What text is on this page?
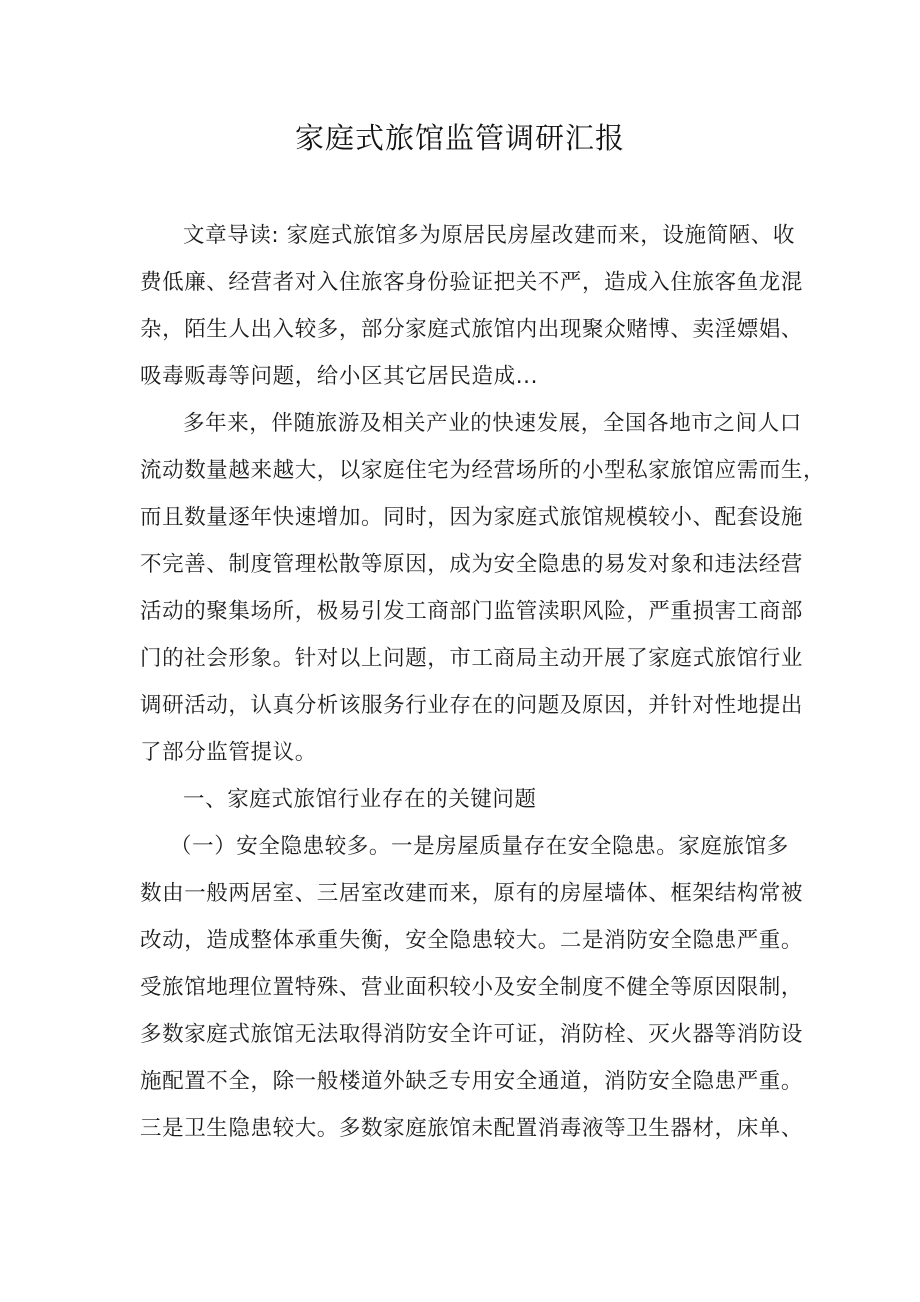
家庭式旅馆监管调研汇报
文章导读: 家庭式旅馆多为原居民房屋改建而来，设施简陋、收
费低廉、经营者对入住旅客身份验证把关不严，造成入住旅客鱼龙混
杂，陌生人出入较多，部分家庭式旅馆内出现聚众赌博、卖淫嫖娼、
吸毒贩毒等问题，给小区其它居民造成...
多年来，伴随旅游及相关产业的快速发展，全国各地市之间人口
流动数量越来越大，以家庭住宅为经营场所的小型私家旅馆应需而生，
而且数量逐年快速增加。同时，因为家庭式旅馆规模较小、配套设施
不完善、制度管理松散等原因，成为安全隐患的易发对象和违法经营
活动的聚集场所，极易引发工商部门监管渎职风险，严重损害工商部
门的社会形象。针对以上问题，市工商局主动开展了家庭式旅馆行业
调研活动，认真分析该服务行业存在的问题及原因，并针对性地提出
了部分监管提议。
一、家庭式旅馆行业存在的关键问题
（一）安全隐患较多。一是房屋质量存在安全隐患。家庭旅馆多
数由一般两居室、三居室改建而来，原有的房屋墙体、框架结构常被
改动，造成整体承重失衡，安全隐患较大。二是消防安全隐患严重。
受旅馆地理位置特殊、营业面积较小及安全制度不健全等原因限制，
多数家庭式旅馆无法取得消防安全许可证，消防栓、灭火器等消防设
施配置不全，除一般楼道外缺乏专用安全通道，消防安全隐患严重。
三是卫生隐患较大。多数家庭旅馆未配置消毒液等卫生器材，床单、
